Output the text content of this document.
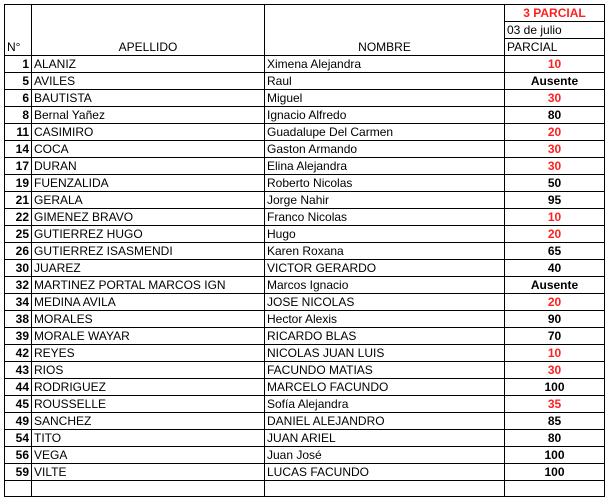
N°	APELLIDO	NOMBRE	3 PARCIAL
			03 de julio
			PARCIAL
1	ALANIZ	Ximena Alejandra	10
5	AVILES	Raul	Ausente
6	BAUTISTA	Miguel	30
8	Bernal Yañez	Ignacio Alfredo	80
11	CASIMIRO	Guadalupe Del Carmen	20
14	COCA	Gaston Armando	30
17	DURAN	Elina Alejandra	30
19	FUENZALIDA	Roberto Nicolas	50
21	GERALA	Jorge Nahir	95
22	GIMENEZ BRAVO	Franco Nicolas	10
25	GUTIERREZ HUGO	Hugo	20
26	GUTIERREZ ISASMENDI	Karen Roxana	65
30	JUAREZ	VICTOR GERARDO	40
32	MARTINEZ PORTAL MARCOS IGN	Marcos Ignacio	Ausente
34	MEDINA AVILA	JOSE NICOLAS	20
38	MORALES	Hector Alexis	90
39	MORALE WAYAR	RICARDO BLAS	70
42	REYES	NICOLAS JUAN LUIS	10
43	RIOS	FACUNDO MATIAS	30
44	RODRIGUEZ	MARCELO FACUNDO	100
45	ROUSSELLE	Sofía Alejandra	35
49	SANCHEZ	DANIEL ALEJANDRO	85
54	TITO	JUAN ARIEL	80
56	VEGA	Juan José	100
59	VILTE	LUCAS FACUNDO	100
